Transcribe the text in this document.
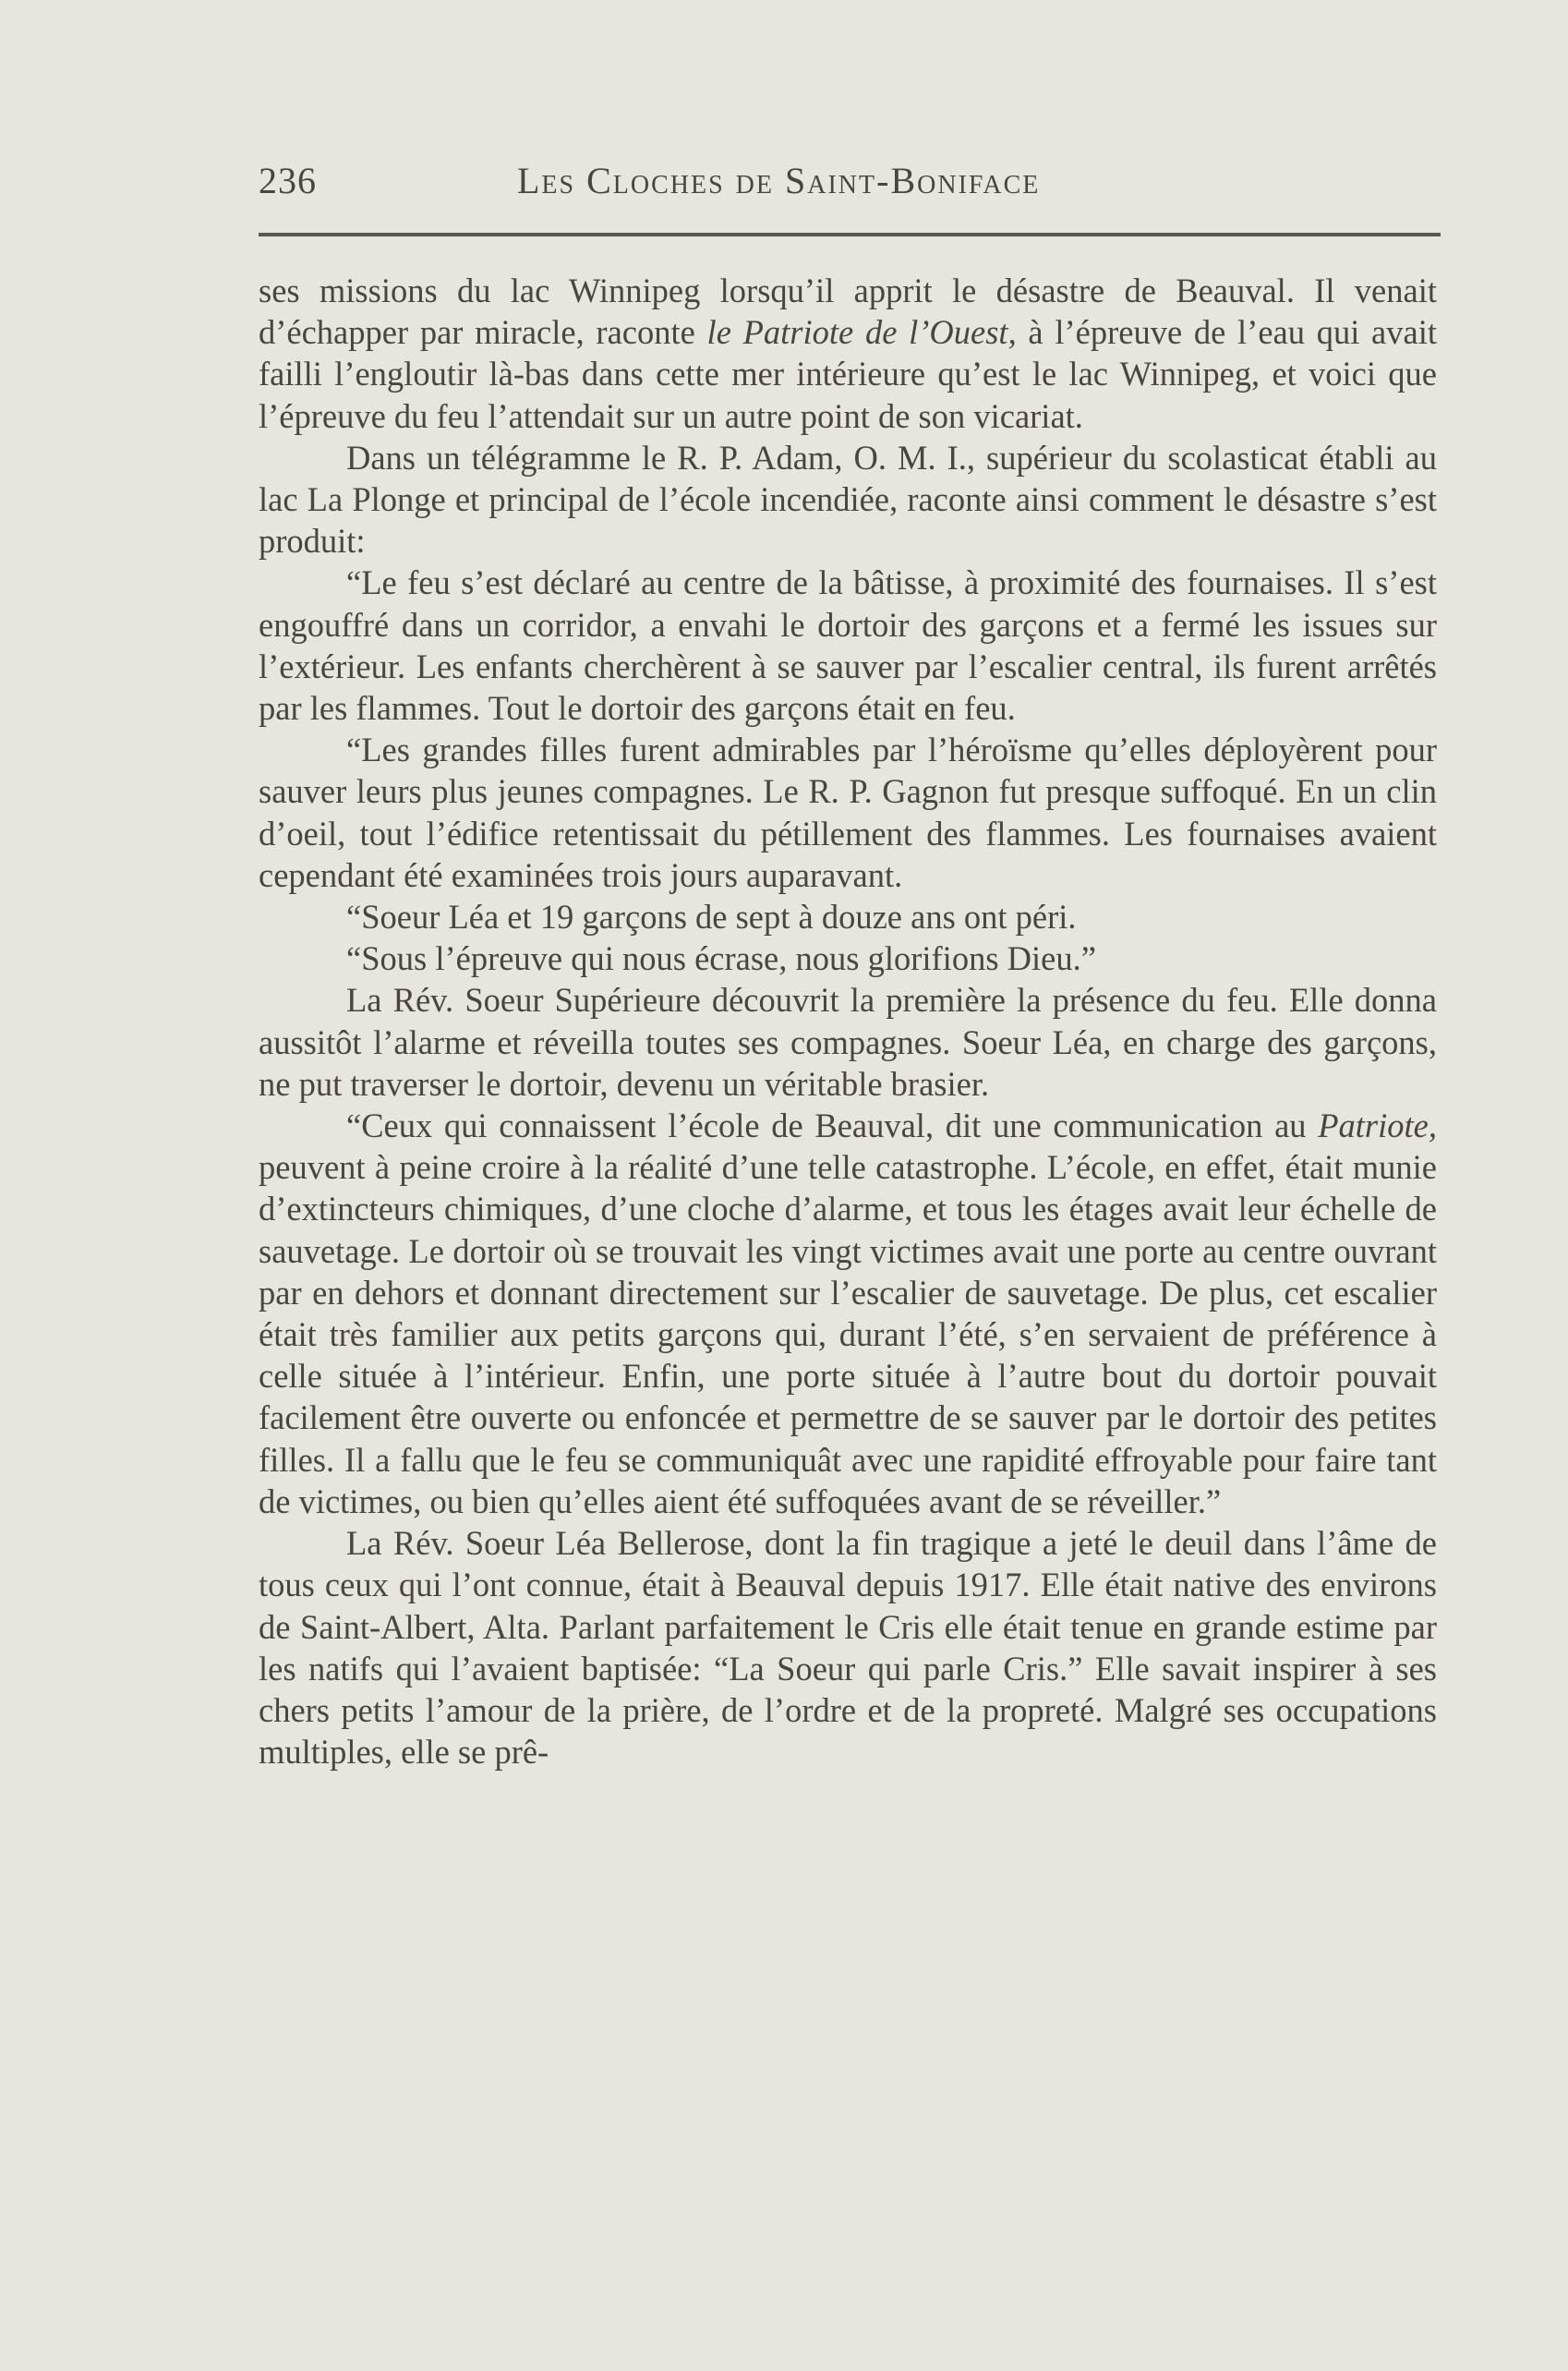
236	Les Cloches de Saint-Boniface

ses missions du lac Winnipeg lorsqu’il apprit le désastre de Beauval. Il venait d’échapper par miracle, raconte le Patriote de l’Ouest, à l’épreuve de l’eau qui avait failli l’engloutir là-bas dans cette mer intérieure qu’est le lac Winnipeg, et voici que l’épreuve du feu l’attendait sur un autre point de son vicariat.

Dans un télégramme le R. P. Adam, O. M. I., supérieur du scolasticat établi au lac La Plonge et principal de l’école incendiée, raconte ainsi comment le désastre s’est produit:

“Le feu s’est déclaré au centre de la bâtisse, à proximité des fournaises. Il s’est engouffré dans un corridor, a envahi le dortoir des garçons et a fermé les issues sur l’extérieur. Les enfants cherchèrent à se sauver par l’escalier central, ils furent arrêtés par les flammes. Tout le dortoir des garçons était en feu.

“Les grandes filles furent admirables par l’héroïsme qu’elles déployèrent pour sauver leurs plus jeunes compagnes. Le R. P. Gagnon fut presque suffoqué. En un clin d’oeil, tout l’édifice retentissait du pétillement des flammes. Les fournaises avaient cependant été examinées trois jours auparavant.

“Soeur Léa et 19 garçons de sept à douze ans ont péri.

“Sous l’épreuve qui nous écrase, nous glorifions Dieu.”

La Rév. Soeur Supérieure découvrit la première la présence du feu. Elle donna aussitôt l’alarme et réveilla toutes ses compagnes. Soeur Léa, en charge des garçons, ne put traverser le dortoir, devenu un véritable brasier.

“Ceux qui connaissent l’école de Beauval, dit une communication au Patriote, peuvent à peine croire à la réalité d’une telle catastrophe. L’école, en effet, était munie d’extincteurs chimiques, d’une cloche d’alarme, et tous les étages avait leur échelle de sauvetage. Le dortoir où se trouvait les vingt victimes avait une porte au centre ouvrant par en dehors et donnant directement sur l’escalier de sauvetage. De plus, cet escalier était très familier aux petits garçons qui, durant l’été, s’en servaient de préférence à celle située à l’intérieur. Enfin, une porte située à l’autre bout du dortoir pouvait facilement être ouverte ou enfoncée et permettre de se sauver par le dortoir des petites filles. Il a fallu que le feu se communiquât avec une rapidité effroyable pour faire tant de victimes, ou bien qu’elles aient été suffoquées avant de se réveiller.”

La Rév. Soeur Léa Bellerose, dont la fin tragique a jeté le deuil dans l’âme de tous ceux qui l’ont connue, était à Beauval depuis 1917. Elle était native des environs de Saint-Albert, Alta. Parlant parfaitement le Cris elle était tenue en grande estime par les natifs qui l’avaient baptisée: “La Soeur qui parle Cris.” Elle savait inspirer à ses chers petits l’amour de la prière, de l’ordre et de la propreté. Malgré ses occupations multiples, elle se prê-
